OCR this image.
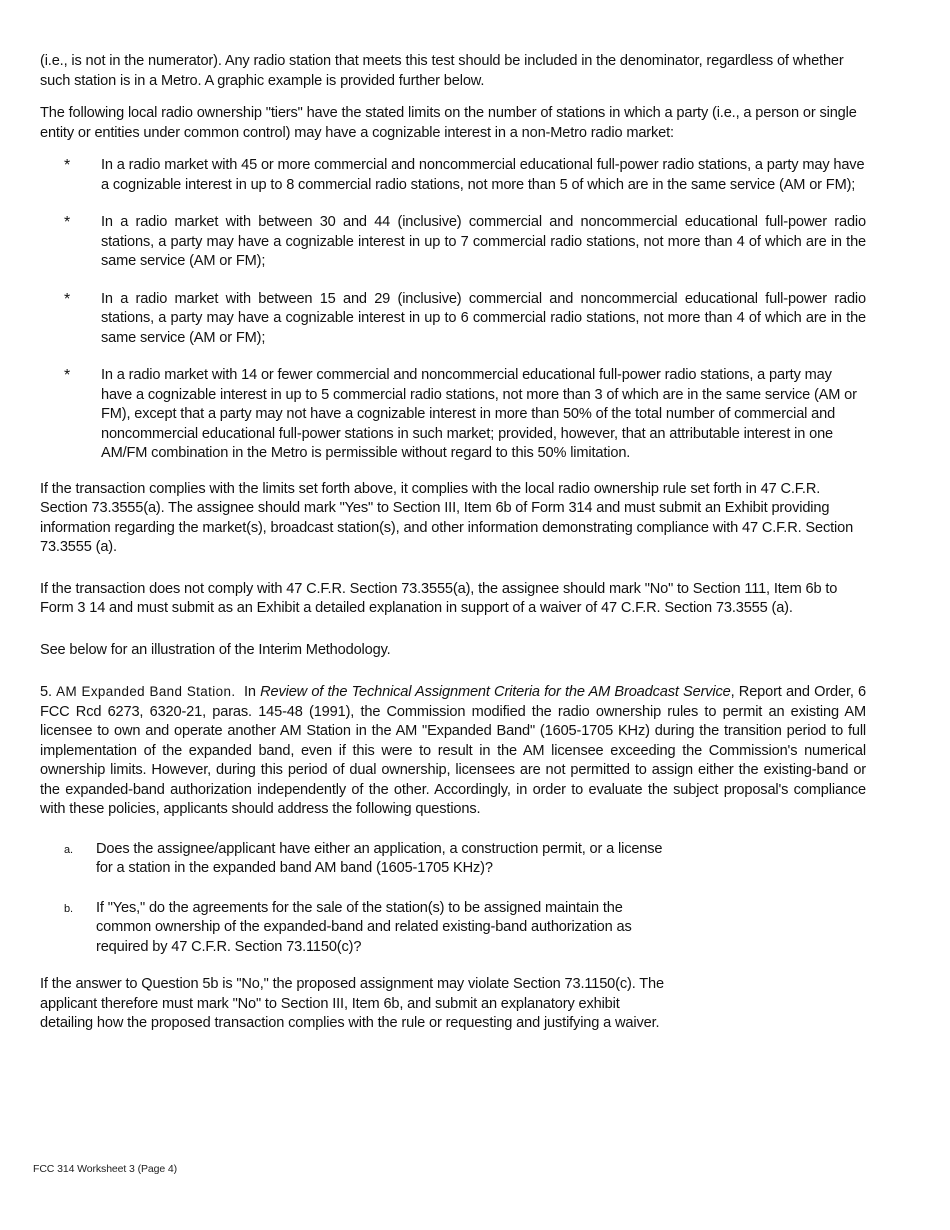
(i.e., is not in the numerator). Any radio station that meets this test should be included in the denominator, regardless of whether such station is in a Metro. A graphic example is provided further below.

The following local radio ownership "tiers" have the stated limits on the number of stations in which a party (i.e., a person or single entity or entities under common control) may have a cognizable interest in a non-Metro radio market:

*	In a radio market with 45 or more commercial and noncommercial educational full-power radio stations, a party may have a cognizable interest in up to 8 commercial radio stations, not more than 5 of which are in the same service (AM or FM);
*	In a radio market with between 30 and 44 (inclusive) commercial and noncommercial educational full-power radio stations, a party may have a cognizable interest in up to 7 commercial radio stations, not more than 4 of which are in the same service (AM or FM);
*	In a radio market with between 15 and 29 (inclusive) commercial and noncommercial educational full-power radio stations, a party may have a cognizable interest in up to 6 commercial radio stations, not more than 4 of which are in the same service (AM or FM);
*	In a radio market with 14 or fewer commercial and noncommercial educational full-power radio stations, a party may have a cognizable interest in up to 5 commercial radio stations, not more than 3 of which are in the same service (AM or FM), except that a party may not have a cognizable interest in more than 50% of the total number of commercial and noncommercial educational full-power stations in such market; provided, however, that an attributable interest in one AM/FM combination in the Metro is permissible without regard to this 50% limitation.

If the transaction complies with the limits set forth above, it complies with the local radio ownership rule set forth in 47 C.F.R. Section 73.3555(a). The assignee should mark "Yes" to Section III, Item 6b of Form 314 and must submit an Exhibit providing information regarding the market(s), broadcast station(s), and other information demonstrating compliance with 47 C.F.R. Section 73.3555 (a).

If the transaction does not comply with 47 C.F.R. Section 73.3555(a), the assignee should mark "No" to Section 111, Item 6b to Form 3 14 and must submit as an Exhibit a detailed explanation in support of a waiver of 47 C.F.R. Section 73.3555 (a).

See below for an illustration of the Interim Methodology.

5. AM Expanded Band Station. In Review of the Technical Assignment Criteria for the AM Broadcast Service, Report and Order, 6 FCC Rcd 6273, 6320-21, paras. 145-48 (1991), the Commission modified the radio ownership rules to permit an existing AM licensee to own and operate another AM Station in the AM "Expanded Band" (1605-1705 KHz) during the transition period to full implementation of the expanded band, even if this were to result in the AM licensee exceeding the Commission's numerical ownership limits. However, during this period of dual ownership, licensees are not permitted to assign either the existing-band or the expanded-band authorization independently of the other. Accordingly, in order to evaluate the subject proposal's compliance with these policies, applicants should address the following questions.

a.	Does the assignee/applicant have either an application, a construction permit, or a license for a station in the expanded band AM band (1605-1705 KHz)?
b.	If "Yes," do the agreements for the sale of the station(s) to be assigned maintain the common ownership of the expanded-band and related existing-band authorization as required by 47 C.F.R. Section 73.1150(c)?

If the answer to Question 5b is "No," the proposed assignment may violate Section 73.1150(c). The applicant therefore must mark "No" to Section III, Item 6b, and submit an explanatory exhibit detailing how the proposed transaction complies with the rule or requesting and justifying a waiver.

FCC 314 Worksheet 3 (Page 4)
